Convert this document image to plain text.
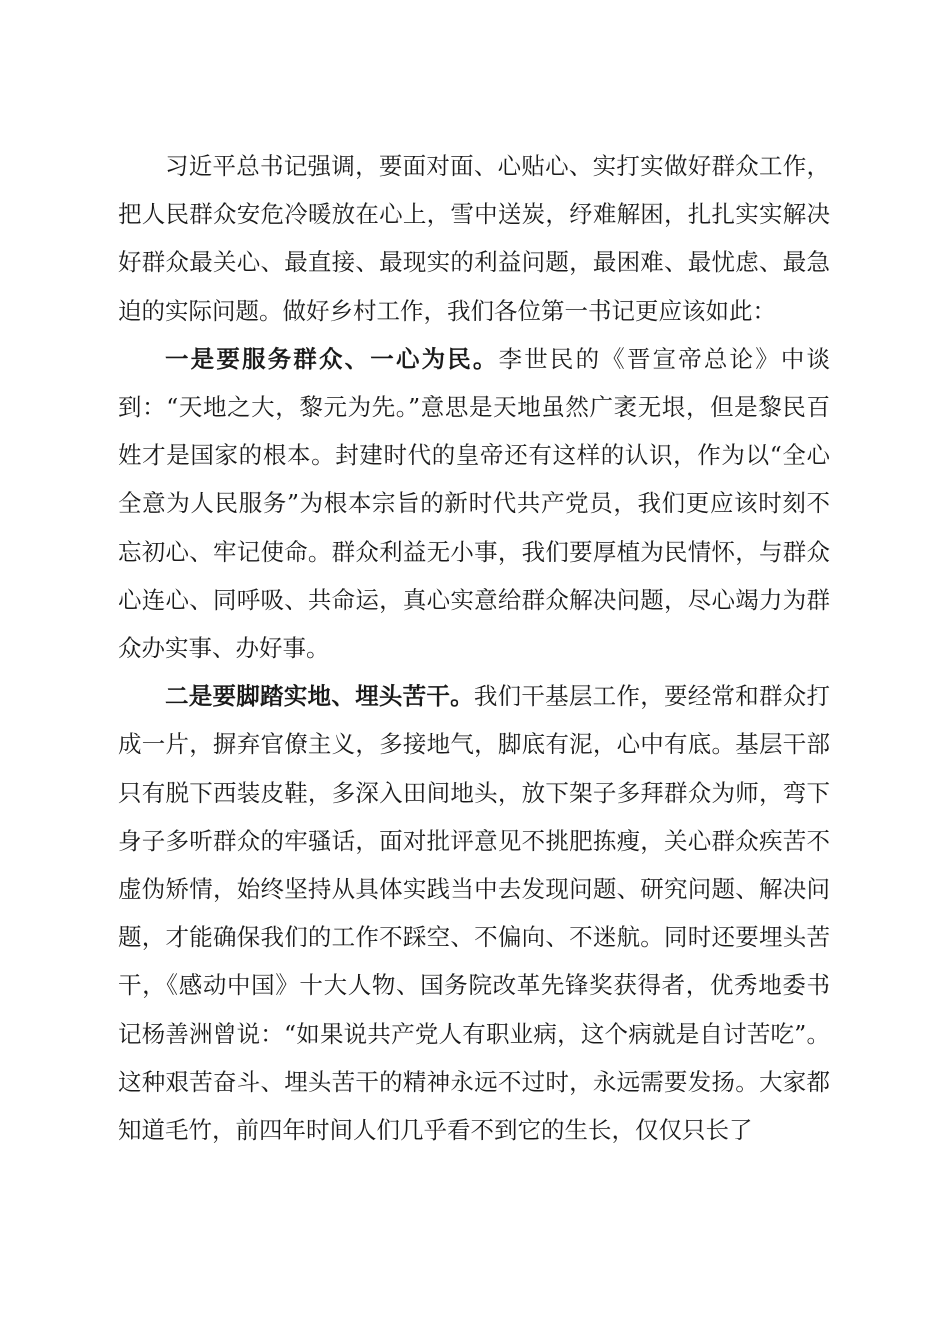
习近平总书记强调，要面对面、心贴心、实打实做好群众工作，把人民群众安危冷暖放在心上，雪中送炭，纾难解困，扎扎实实解决好群众最关心、最直接、最现实的利益问题，最困难、最忧虑、最急迫的实际问题。做好乡村工作，我们各位第一书记更应该如此：

一是要服务群众、一心为民。李世民的《晋宣帝总论》中谈到：“天地之大，黎元为先。”意思是天地虽然广袤无垠，但是黎民百姓才是国家的根本。封建时代的皇帝还有这样的认识，作为以“全心全意为人民服务”为根本宗旨的新时代共产党员，我们更应该时刻不忘初心、牢记使命。群众利益无小事，我们要厚植为民情怀，与群众心连心、同呼吸、共命运，真心实意给群众解决问题，尽心竭力为群众办实事、办好事。

二是要脚踏实地、埋头苦干。我们干基层工作，要经常和群众打成一片，摒弃官僚主义，多接地气，脚底有泥，心中有底。基层干部只有脱下西装皮鞋，多深入田间地头，放下架子多拜群众为师，弯下身子多听群众的牢骚话，面对批评意见不挑肥拣瘦，关心群众疾苦不虚伪矫情，始终坚持从具体实践当中去发现问题、研究问题、解决问题，才能确保我们的工作不踩空、不偏向、不迷航。同时还要埋头苦干，《感动中国》十大人物、国务院改革先锋奖获得者，优秀地委书记杨善洲曾说：“如果说共产党人有职业病，这个病就是自讨苦吃”。这种艰苦奋斗、埋头苦干的精神永远不过时，永远需要发扬。大家都知道毛竹，前四年时间人们几乎看不到它的生长，仅仅只长了
